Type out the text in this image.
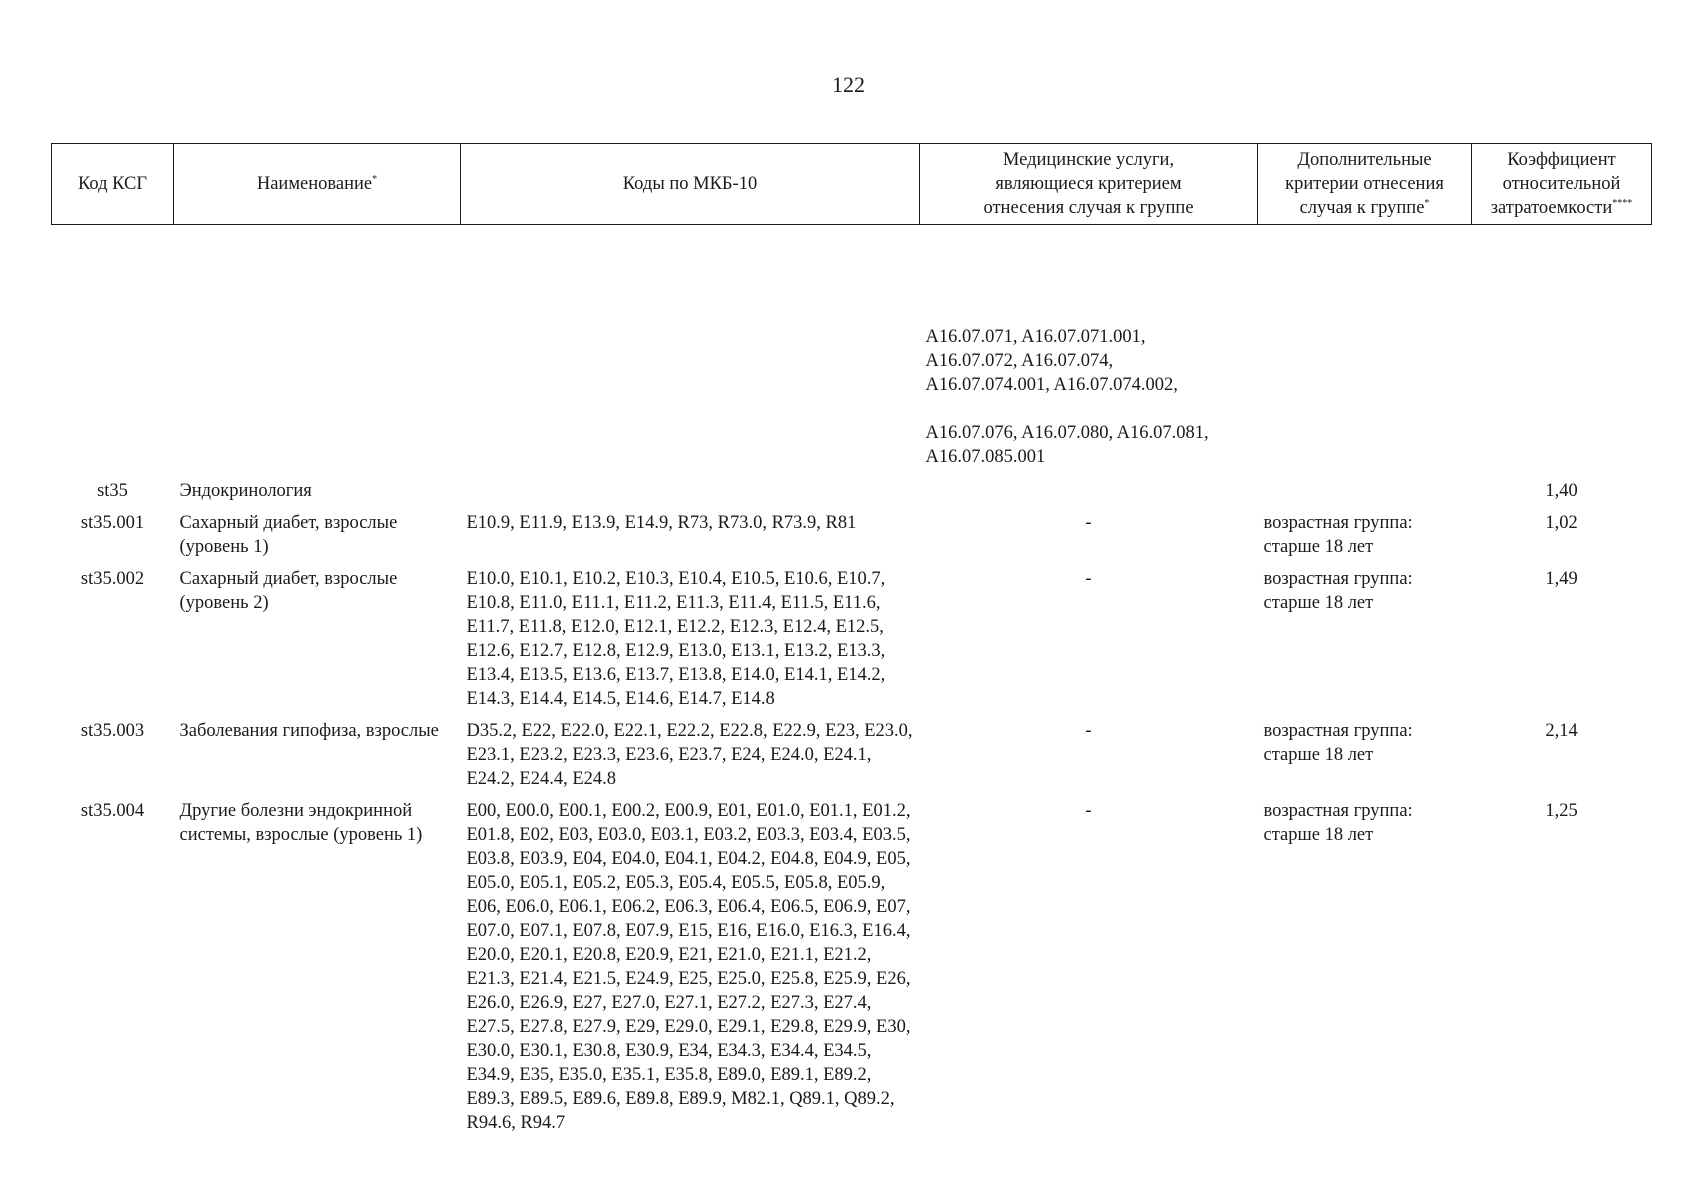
122
Код КСГ	Наименование*	Коды по МКБ-10	Медицинские услуги, являющиеся критерием отнесения случая к группе	Дополнительные критерии отнесения случая к группе*	Коэффициент относительной затратоемкости****

			A16.07.071, A16.07.071.001,
A16.07.072, A16.07.074,
A16.07.074.001, A16.07.074.002,
A16.07.076, A16.07.080, A16.07.081,
A16.07.085.001		

st35	Эндокринология				1,40
st35.001	Сахарный диабет, взрослые (уровень 1)	E10.9, E11.9, E13.9, E14.9, R73, R73.0, R73.9, R81	-	возрастная группа: старше 18 лет	1,02
st35.002	Сахарный диабет, взрослые (уровень 2)	E10.0, E10.1, E10.2, E10.3, E10.4, E10.5, E10.6, E10.7, E10.8, E11.0, E11.1, E11.2, E11.3, E11.4, E11.5, E11.6, E11.7, E11.8, E12.0, E12.1, E12.2, E12.3, E12.4, E12.5, E12.6, E12.7, E12.8, E12.9, E13.0, E13.1, E13.2, E13.3, E13.4, E13.5, E13.6, E13.7, E13.8, E14.0, E14.1, E14.2, E14.3, E14.4, E14.5, E14.6, E14.7, E14.8	-	возрастная группа: старше 18 лет	1,49
st35.003	Заболевания гипофиза, взрослые	D35.2, E22, E22.0, E22.1, E22.2, E22.8, E22.9, E23, E23.0, E23.1, E23.2, E23.3, E23.6, E23.7, E24, E24.0, E24.1, E24.2, E24.4, E24.8	-	возрастная группа: старше 18 лет	2,14
st35.004	Другие болезни эндокринной системы, взрослые (уровень 1)	E00, E00.0, E00.1, E00.2, E00.9, E01, E01.0, E01.1, E01.2, E01.8, E02, E03, E03.0, E03.1, E03.2, E03.3, E03.4, E03.5, E03.8, E03.9, E04, E04.0, E04.1, E04.2, E04.8, E04.9, E05, E05.0, E05.1, E05.2, E05.3, E05.4, E05.5, E05.8, E05.9, E06, E06.0, E06.1, E06.2, E06.3, E06.4, E06.5, E06.9, E07, E07.0, E07.1, E07.8, E07.9, E15, E16, E16.0, E16.3, E16.4, E20.0, E20.1, E20.8, E20.9, E21, E21.0, E21.1, E21.2, E21.3, E21.4, E21.5, E24.9, E25, E25.0, E25.8, E25.9, E26, E26.0, E26.9, E27, E27.0, E27.1, E27.2, E27.3, E27.4, E27.5, E27.8, E27.9, E29, E29.0, E29.1, E29.8, E29.9, E30, E30.0, E30.1, E30.8, E30.9, E34, E34.3, E34.4, E34.5, E34.9, E35, E35.0, E35.1, E35.8, E89.0, E89.1, E89.2, E89.3, E89.5, E89.6, E89.8, E89.9, M82.1, Q89.1, Q89.2, R94.6, R94.7	-	возрастная группа: старше 18 лет	1,25
